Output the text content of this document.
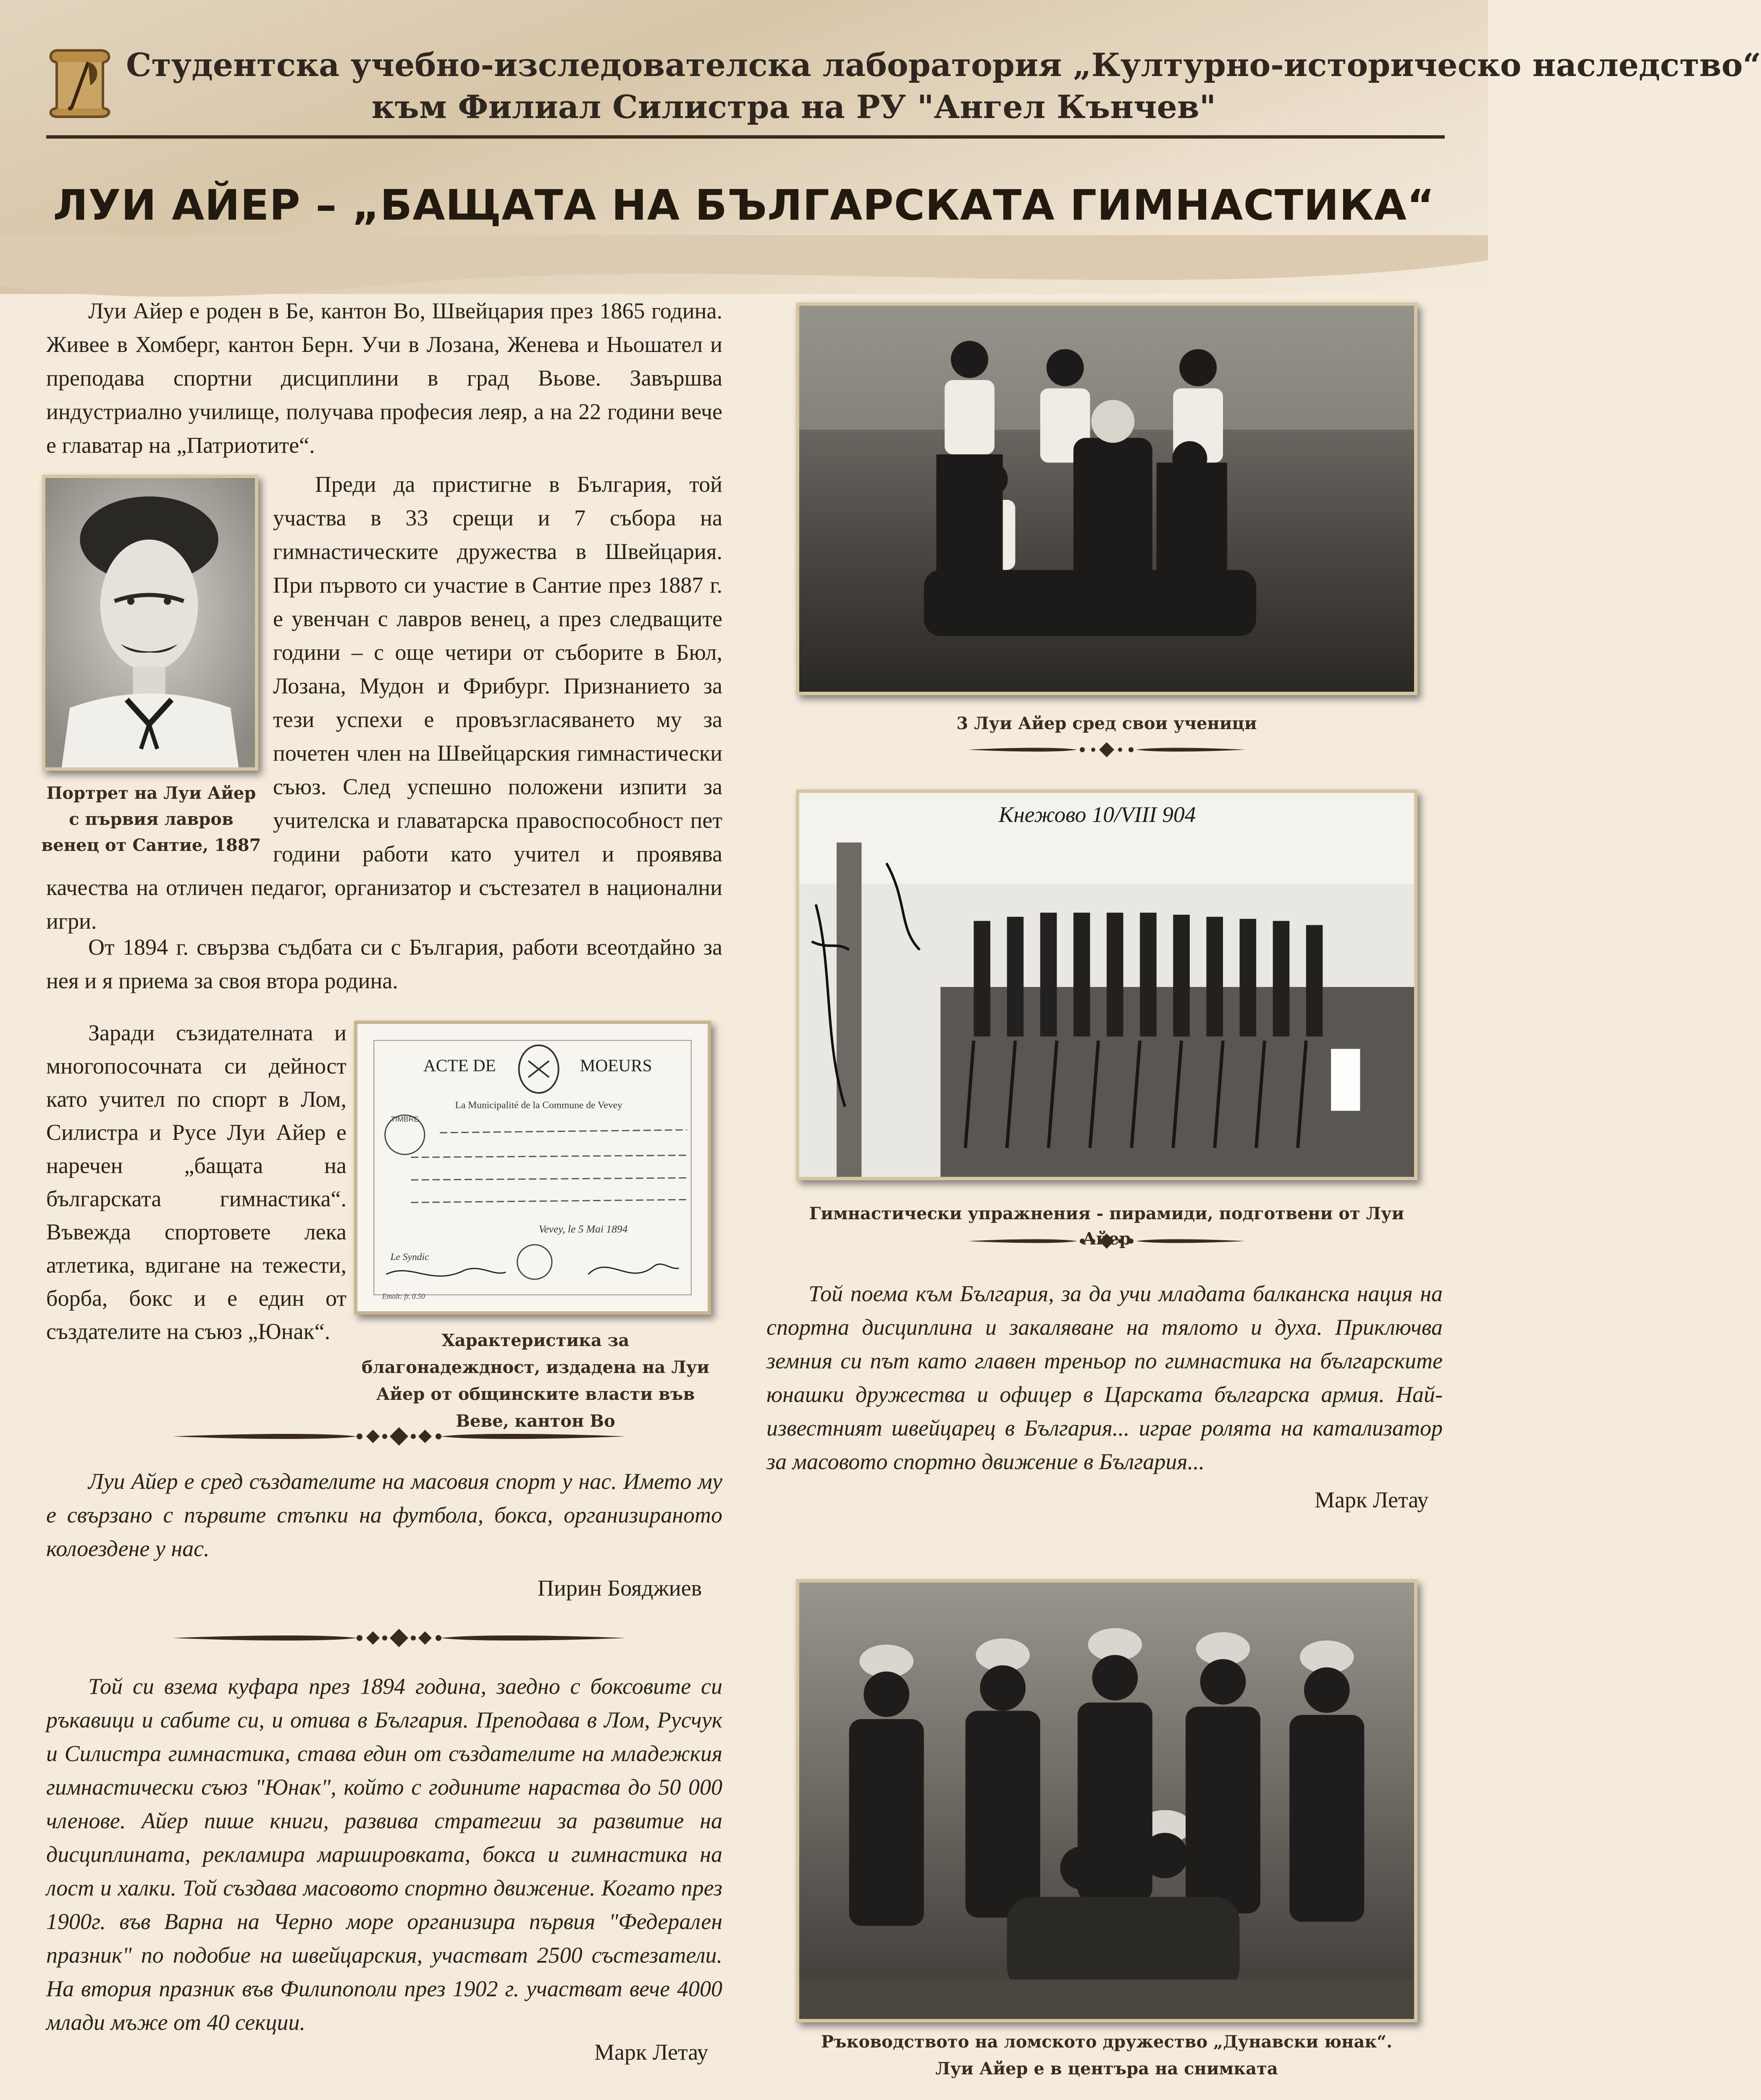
Студентска учебно-изследователска лаборатория „Културно-историческо наследство“
към Филиал Силистра на РУ "Ангел Кънчев"
ЛУИ АЙЕР – „БАЩАТА НА БЪЛГАРСКАТА ГИМНАСТИКА“

Луи Айер е роден в Бе, кантон Во, Швейцария през 1865 година. Живее в Хомберг, кантон Берн. Учи в Лозана, Женева и Ньошател и преподава спортни дисциплини в град Вьове. Завършва индустриално училище, получава професия леяр, а на 22 години вече е главатар на „Патриотите“.

Портрет на Луи Айер с първия лавров венец от Сантие, 1887

Преди да пристигне в България, той участва в 33 срещи и 7 събора на гимнастическите дружества в Швейцария. При първото си участие в Сантие през 1887 г. е увенчан с лавров венец, а през следващите години – с още четири от съборите в Бюл, Лозана, Мудон и Фрибург. Признанието за тези успехи е провъзгласяването му за почетен член на Швейцарския гимнастически съюз. След успешно положени изпити за учителска и главатарска правоспособност пет години работи като учител и проявява качества на отличен педагог, организатор и състезател в национални игри.

От 1894 г. свързва съдбата си с България, работи всеотдайно за нея и я приема за своя втора родина.

Заради съзидателната и многопосочната си дейност като учител по спорт в Лом, Силистра и Русе Луи Айер е наречен „бащата на българската гимнастика“. Въвежда спортовете лека атлетика, вдигане на тежести, борба, бокс и е един от създателите на съюз „Юнак“.

ACTE DE	MOEURS
La Municipalité de la Commune de Vevey
TIMBRE
Vevey, le 5 Mai 1894
Le Syndic
Emolt: fr. 0.50
Характеристика за благонадеждност, издадена на Луи Айер от общинските власти във Веве, кантон Во

Луи Айер е сред създателите на масовия спорт у нас. Името му е свързано с първите стъпки на футбола, бокса, организираното колоездене у нас.

Пирин Бояджиев

Той си взема куфара през 1894 година, заедно с боксовите си ръкавици и сабите си, и отива в България. Преподава в Лом, Русчук и Силистра гимнастика, става един от създателите на младежкия гимнастически съюз "Юнак", който с годините нараства до 50 000 членове. Айер пише книги, развива стратегии за развитие на дисциплината, рекламира маршировката, бокса и гимнастика на лост и халки. Той създава масовото спортно движение. Когато през 1900г. във Варна на Черно море организира първия "Федерален празник" по подобие на швейцарския, участват 2500 състезатели. На втория празник във Филипополи през 1902 г. участват вече 4000 млади мъже от 40 секции.

Марк Летау
3 Луи Айер сред свои ученици
Кнежово 10/VIII 904
Гимнастически упражнения - пирамиди, подготвени от Луи

Той поема към България, за да учи младата балканска нация на спортна дисциплина и закаляване на тялото и духа. Приключва земния си път като главен треньор по гимнастика на българските юнашки дружества и офицер в Царската българска армия. Най-известният швейцарец в България... играе ролята на катализатор за масовото спортно движение в България...

Марк Летау
Ръководството на ломското дружество „Дунавски юнак“.
Луи Айер е в центъра на снимката
